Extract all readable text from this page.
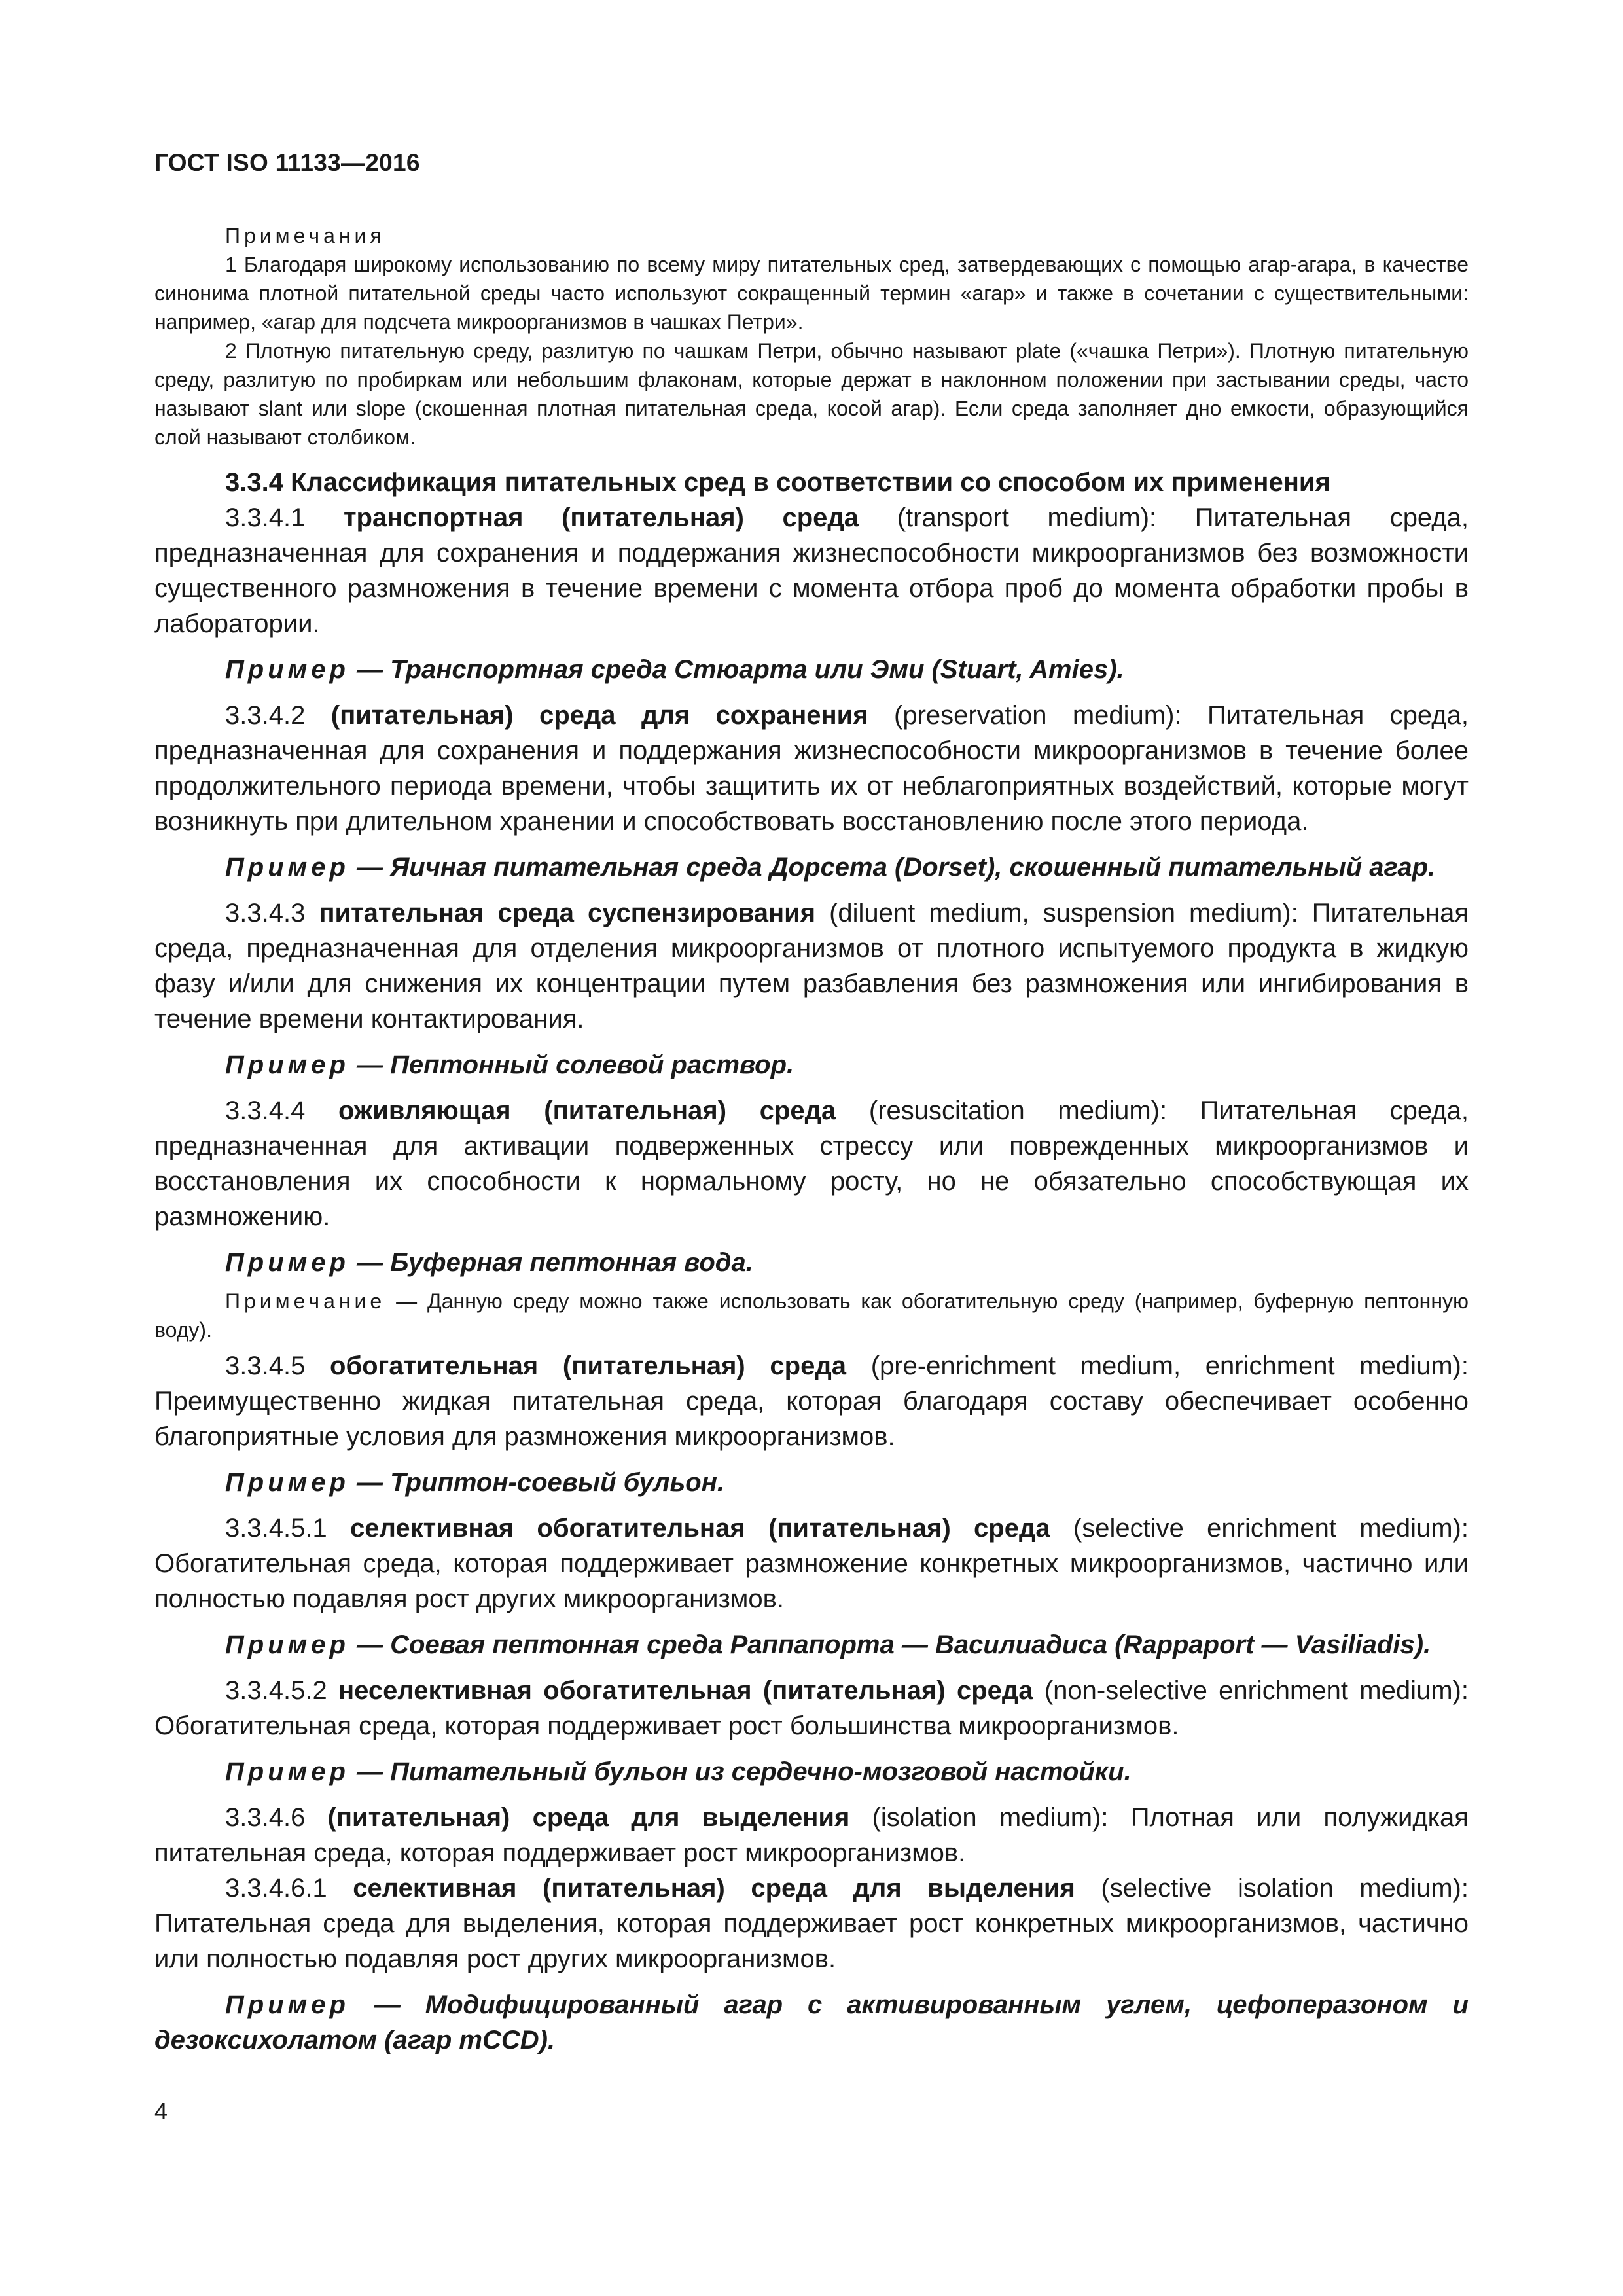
ГОСТ ISO 11133—2016

Примечания

1 Благодаря широкому использованию по всему миру питательных сред, затвердевающих с помощью агар-агара, в качестве синонима плотной питательной среды часто используют сокращенный термин «агар» и также в сочетании с существительными: например, «агар для подсчета микроорганизмов в чашках Петри».

2 Плотную питательную среду, разлитую по чашкам Петри, обычно называют plate («чашка Петри»). Плотную питательную среду, разлитую по пробиркам или небольшим флаконам, которые держат в наклонном положении при застывании среды, часто называют slant или slope (скошенная плотная питательная среда, косой агар). Если среда заполняет дно емкости, образующийся слой называют столбиком.

3.3.4 Классификация питательных сред в соответствии со способом их применения

3.3.4.1 транспортная (питательная) среда (transport medium): Питательная среда, предназначенная для сохранения и поддержания жизнеспособности микроорганизмов без возможности существенного размножения в течение времени с момента отбора проб до момента обработки пробы в лаборатории.

Пример — Транспортная среда Стюарта или Эми (Stuart, Amies).

3.3.4.2 (питательная) среда для сохранения (preservation medium): Питательная среда, предназначенная для сохранения и поддержания жизнеспособности микроорганизмов в течение более продолжительного периода времени, чтобы защитить их от неблагоприятных воздействий, которые могут возникнуть при длительном хранении и способствовать восстановлению после этого периода.

Пример — Яичная питательная среда Дорсета (Dorset), скошенный питательный агар.

3.3.4.3 питательная среда суспензирования (diluent medium, suspension medium): Питательная среда, предназначенная для отделения микроорганизмов от плотного испытуемого продукта в жидкую фазу и/или для снижения их концентрации путем разбавления без размножения или ингибирования в течение времени контактирования.

Пример — Пептонный солевой раствор.

3.3.4.4 оживляющая (питательная) среда (resuscitation medium): Питательная среда, предназначенная для активации подверженных стрессу или поврежденных микроорганизмов и восстановления их способности к нормальному росту, но не обязательно способствующая их размножению.

Пример — Буферная пептонная вода.

Примечание — Данную среду можно также использовать как обогатительную среду (например, буферную пептонную воду).

3.3.4.5 обогатительная (питательная) среда (pre-enrichment medium, enrichment medium): Преимущественно жидкая питательная среда, которая благодаря составу обеспечивает особенно благоприятные условия для размножения микроорганизмов.

Пример — Триптон-соевый бульон.

3.3.4.5.1 селективная обогатительная (питательная) среда (selective enrichment medium): Обогатительная среда, которая поддерживает размножение конкретных микроорганизмов, частично или полностью подавляя рост других микроорганизмов.

Пример — Соевая пептонная среда Раппапорта — Василиадиса (Rappaport — Vasiliadis).

3.3.4.5.2 неселективная обогатительная (питательная) среда (non-selective enrichment medium): Обогатительная среда, которая поддерживает рост большинства микроорганизмов.

Пример — Питательный бульон из сердечно-мозговой настойки.

3.3.4.6 (питательная) среда для выделения (isolation medium): Плотная или полужидкая питательная среда, которая поддерживает рост микроорганизмов.

3.3.4.6.1 селективная (питательная) среда для выделения (selective isolation medium): Питательная среда для выделения, которая поддерживает рост конкретных микроорганизмов, частично или полностью подавляя рост других микроорганизмов.

Пример — Модифицированный агар с активированным углем, цефоперазоном и дезоксихолатом (агар mCCD).

4
